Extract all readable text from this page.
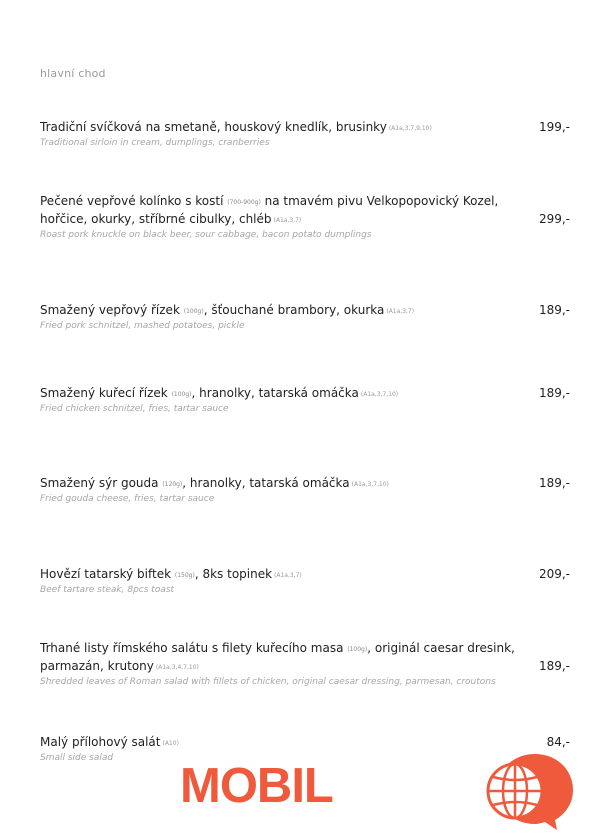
hlavní chod
Tradiční svíčková na smetaně, houskový knedlík, brusinky (A1a,3,7,9,10)
Traditional sirloin in cream, dumplings, cranberries
199,-
Pečené vepřové kolínko s kostí (700-900g) na tmavém pivu Velkopopovický Kozel, hořčice, okurky, stříbrné cibulky, chléb (A1a,3,7)
Roast pork knuckle on black beer, sour cabbage, bacon potato dumplings
299,-
Smažený vepřový řízek (100g), šťouchané brambory, okurka (A1a,3,7)
Fried pork schnitzel, mashed potatoes, pickle
189,-
Smažený kuřecí řízek (100g), hranolky, tatarská omáčka (A1a,3,7,10)
Fried chicken schnitzel, fries, tartar sauce
189,-
Smažený sýr gouda (120g), hranolky, tatarská omáčka (A1a,3,7,10)
Fried gouda cheese, fries, tartar sauce
189,-
Hovězí tatarský biftek (150g), 8ks topinek (A1a,3,7)
Beef tartare steak, 8pcs toast
209,-
Trhané listy římského salátu s filety kuřecího masa (100g), originál caesar dresink, parmazán, krutony (A1a,3,4,7,10)
Shredded leaves of Roman salad with fillets of chicken, original caesar dressing, parmesan, croutons
189,-
Malý přílohový salát (A10)
Small side salad
84,-
MOBIL
